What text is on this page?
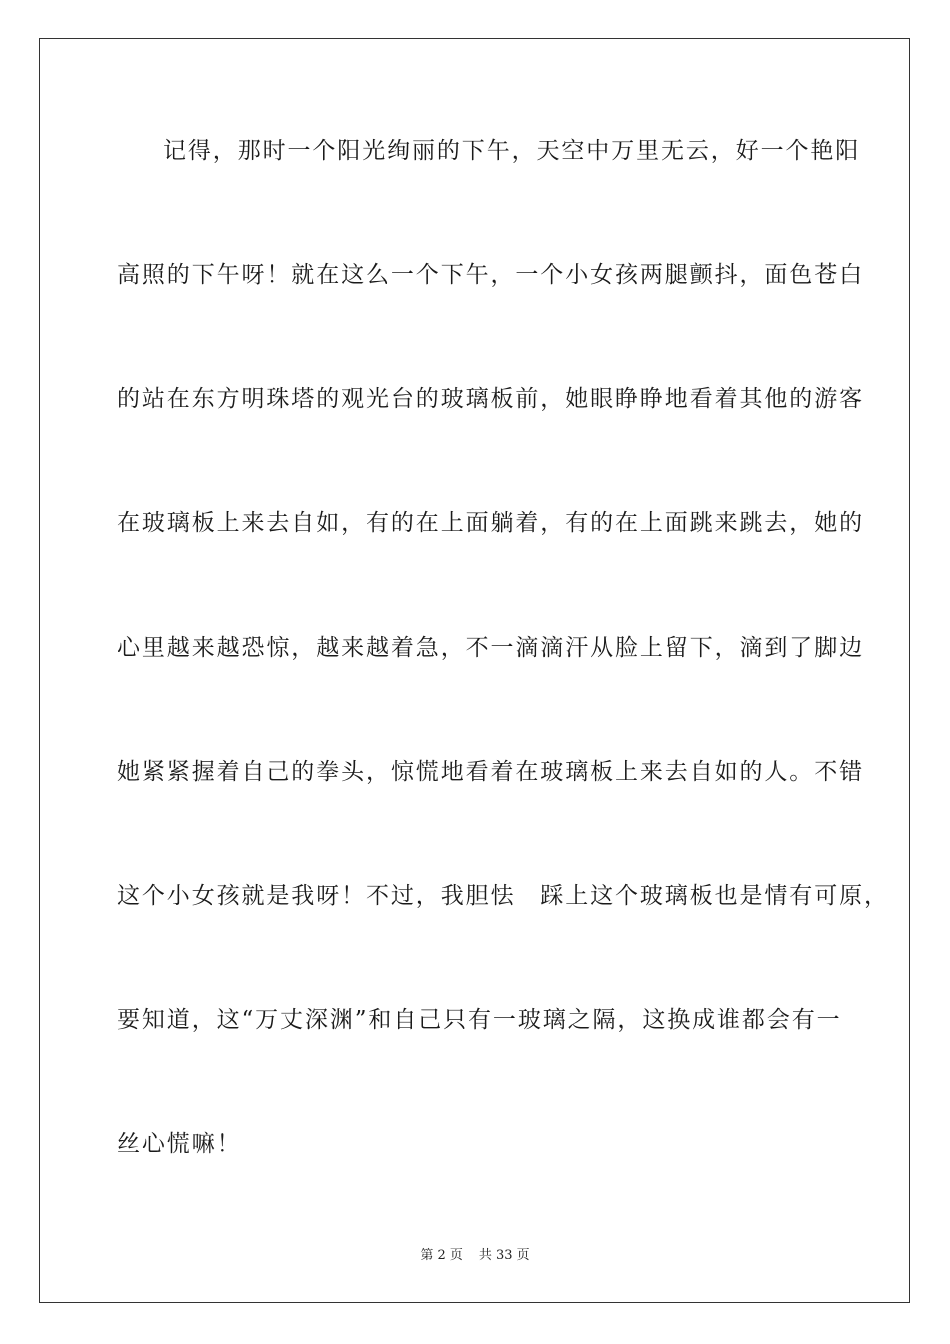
记得，那时一个阳光绚丽的下午，天空中万里无云，好一个艳阳
高照的下午呀！就在这么一个下午，一个小女孩两腿颤抖，面色苍白
的站在东方明珠塔的观光台的玻璃板前，她眼睁睁地看着其他的游客
在玻璃板上来去自如，有的在上面躺着，有的在上面跳来跳去，她的
心里越来越恐惊，越来越着急，不一滴滴汗从脸上留下，滴到了脚边
她紧紧握着自己的拳头，惊慌地看着在玻璃板上来去自如的人。不错
这个小女孩就是我呀！不过，我胆怯　踩上这个玻璃板也是情有可原，
要知道，这“万丈深渊”和自己只有一玻璃之隔，这换成谁都会有一
丝心慌嘛！
第 2 页 共 33 页
